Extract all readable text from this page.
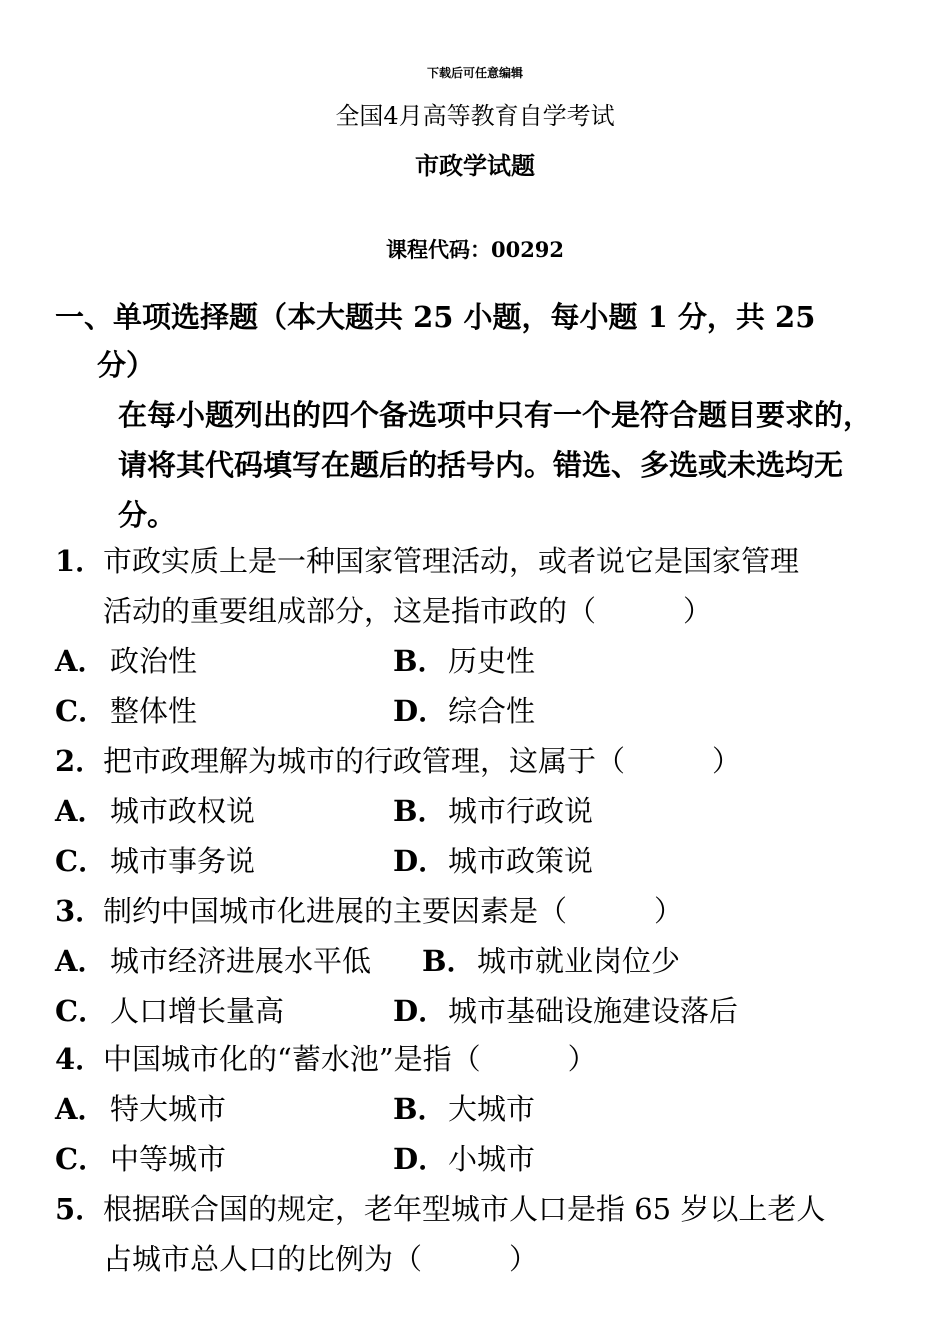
下载后可任意编辑
全国4月高等教育自学考试
市政学试题
课程代码：00292
一、单项选择题（本大题共 25 小题，每小题 1 分，共 25
分）
在每小题列出的四个备选项中只有一个是符合题目要求的，请将其代码填写在题后的括号内。错选、多选或未选均无分。
1．市政实质上是一种国家管理活动，或者说它是国家管理
活动的重要组成部分，这是指市政的（　　　）
A． 政治性	B．历史性
C． 整体性	D．综合性
2．把市政理解为城市的行政管理，这属于（　　　）
A． 城市政权说	B．城市行政说
C． 城市事务说	D．城市政策说
3．制约中国城市化进展的主要因素是（　　　）
A． 城市经济进展水平低 B．城市就业岗位少
C． 人口增长量高	D．城市基础设施建设落后
4．中国城市化的“蓄水池”是指（　　　）
A． 特大城市	B．大城市
C． 中等城市	D．小城市
5．根据联合国的规定，老年型城市人口是指 65 岁以上老人
占城市总人口的比例为（　　　）
